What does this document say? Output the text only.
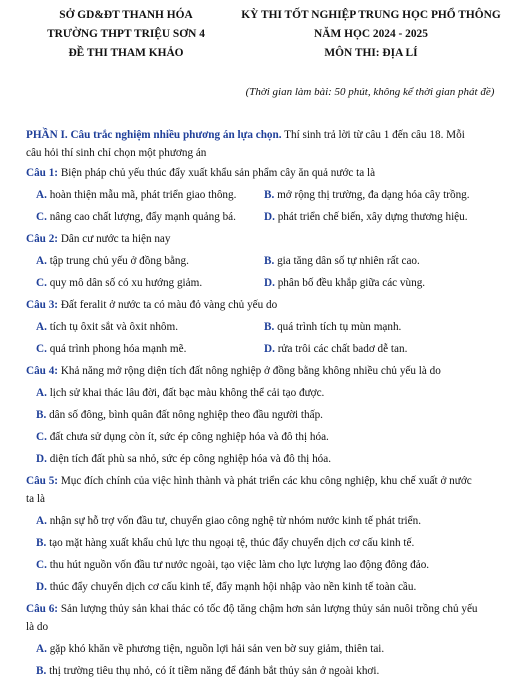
SỞ GD&ĐT THANH HÓA
TRƯỜNG THPT TRIỆU SƠN 4
ĐỀ THI THAM KHẢO
KỲ THI TỐT NGHIỆP TRUNG HỌC PHỔ THÔNG
NĂM HỌC 2024 - 2025
MÔN THI: ĐỊA LÍ
(Thời gian làm bài: 50 phút, không kể thời gian phát đề)
PHẦN I. Câu trắc nghiệm nhiều phương án lựa chọn. Thí sinh trả lời từ câu 1 đến câu 18. Mỗi
câu hỏi thí sinh chỉ chọn một phương án
Câu 1: Biện pháp chủ yếu thúc đẩy xuất khẩu sản phẩm cây ăn quả nước ta là
A. hoàn thiện mẫu mã, phát triển giao thông. B. mở rộng thị trường, đa dạng hóa cây trồng.
C. nâng cao chất lượng, đẩy mạnh quảng bá.	D. phát triển chế biến, xây dựng thương hiệu.
Câu 2: Dân cư nước ta hiện nay
A. tập trung chủ yếu ở đồng bằng.	B. gia tăng dân số tự nhiên rất cao.
C. quy mô dân số có xu hướng giảm.	D. phân bố đều khắp giữa các vùng.
Câu 3: Đất feralit ở nước ta có màu đỏ vàng chủ yếu do
A. tích tụ ôxit sắt và ôxit nhôm.	B. quá trình tích tụ mùn mạnh.
C. quá trình phong hóa mạnh mẽ.	D. rửa trôi các chất badơ dễ tan.
Câu 4: Khả năng mở rộng diện tích đất nông nghiệp ở đồng bằng không nhiều chủ yếu là do
A. lịch sử khai thác lâu đời, đất bạc màu không thể cải tạo được.
B. dân số đông, bình quân đất nông nghiệp theo đầu người thấp.
C. đất chưa sử dụng còn ít, sức ép công nghiệp hóa và đô thị hóa.
D. diện tích đất phù sa nhỏ, sức ép công nghiệp hóa và đô thị hóa.
Câu 5: Mục đích chính của việc hình thành và phát triển các khu công nghiệp, khu chế xuất ở nước
ta là
A. nhận sự hỗ trợ vốn đầu tư, chuyển giao công nghệ từ nhóm nước kinh tế phát triển.
B. tạo mặt hàng xuất khẩu chủ lực thu ngoại tệ, thúc đẩy chuyển dịch cơ cấu kinh tế.
C. thu hút nguồn vốn đầu tư nước ngoài, tạo việc làm cho lực lượng lao động đông đảo.
D. thúc đẩy chuyển dịch cơ cấu kinh tế, đẩy mạnh hội nhập vào nền kinh tế toàn cầu.
Câu 6: Sản lượng thủy sản khai thác có tốc độ tăng chậm hơn sản lượng thủy sản nuôi trồng chủ yếu
là do
A. gặp khó khăn về phương tiện, nguồn lợi hải sản ven bờ suy giảm, thiên tai.
B. thị trường tiêu thụ nhỏ, có ít tiềm năng để đánh bắt thủy sản ở ngoài khơi.
